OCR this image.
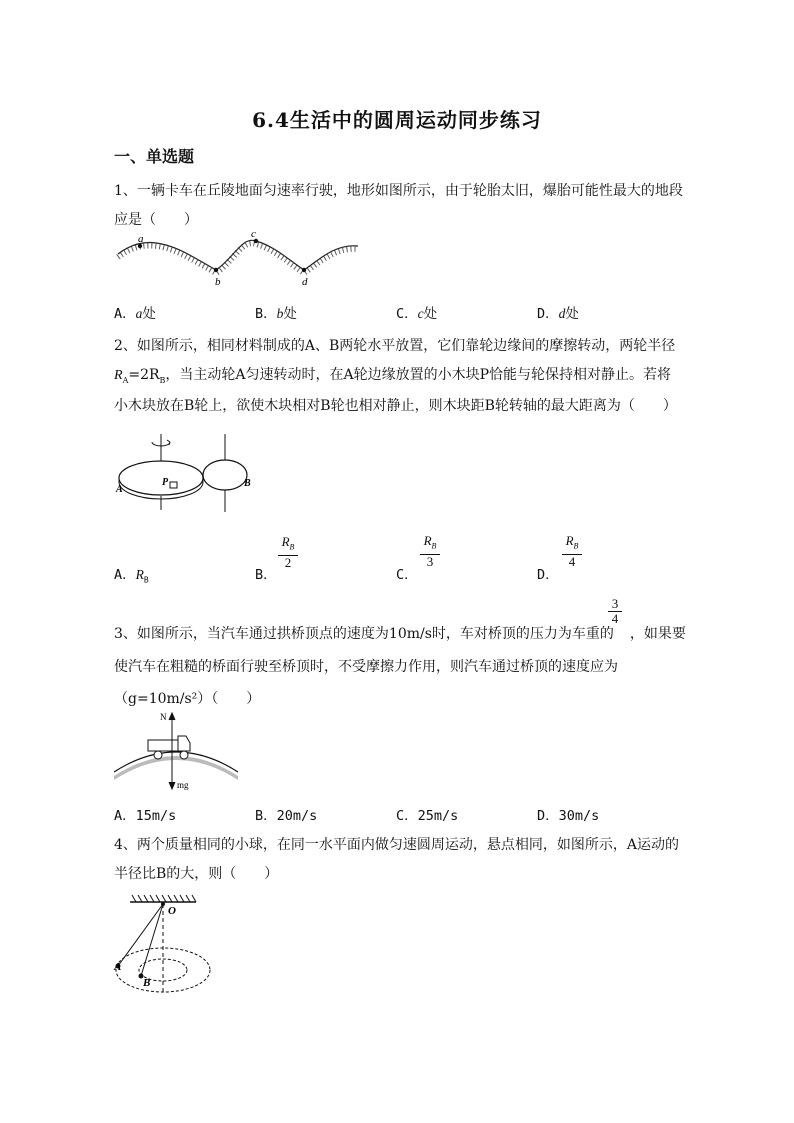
6.4生活中的圆周运动同步练习
一、单选题
1、一辆卡车在丘陵地面匀速率行驶，地形如图所示，由于轮胎太旧，爆胎可能性最大的地段
应是（　　）
a
b
c
d
A．a处	B．b处	C．c处	D．d处
2、如图所示，相同材料制成的A、B两轮水平放置，它们靠轮边缘间的摩擦转动，两轮半径
$R_A=2R_B$，当主动轮A匀速转动时，在A轮边缘放置的小木块P恰能与轮保持相对静止。若将
小木块放在B轮上，欲使木块相对B轮也相对静止，则木块距B轮转轴的最大距离为（　　）
A
P	B
A．$R_B$	B．
$\frac{R_B}{2}$
C．
$\frac{R_B}{3}$
D．
$\frac{R_B}{4}$
3、如图所示，当汽车通过拱桥顶点的速度为10m/s时，车对桥顶的压力为车重的 ，如果要
$\frac{3}{4}$
使汽车在粗糙的桥面行驶至桥顶时，不受摩擦力作用，则汽车通过桥顶的速度应为
（g=10m/s²）（　　）
N
mg
A．15m/s	B．20m/s	C．25m/s	D．30m/s
4、两个质量相同的小球，在同一水平面内做匀速圆周运动，悬点相同，如图所示，A运动的
半径比B的大，则（　　）
O
A
B
